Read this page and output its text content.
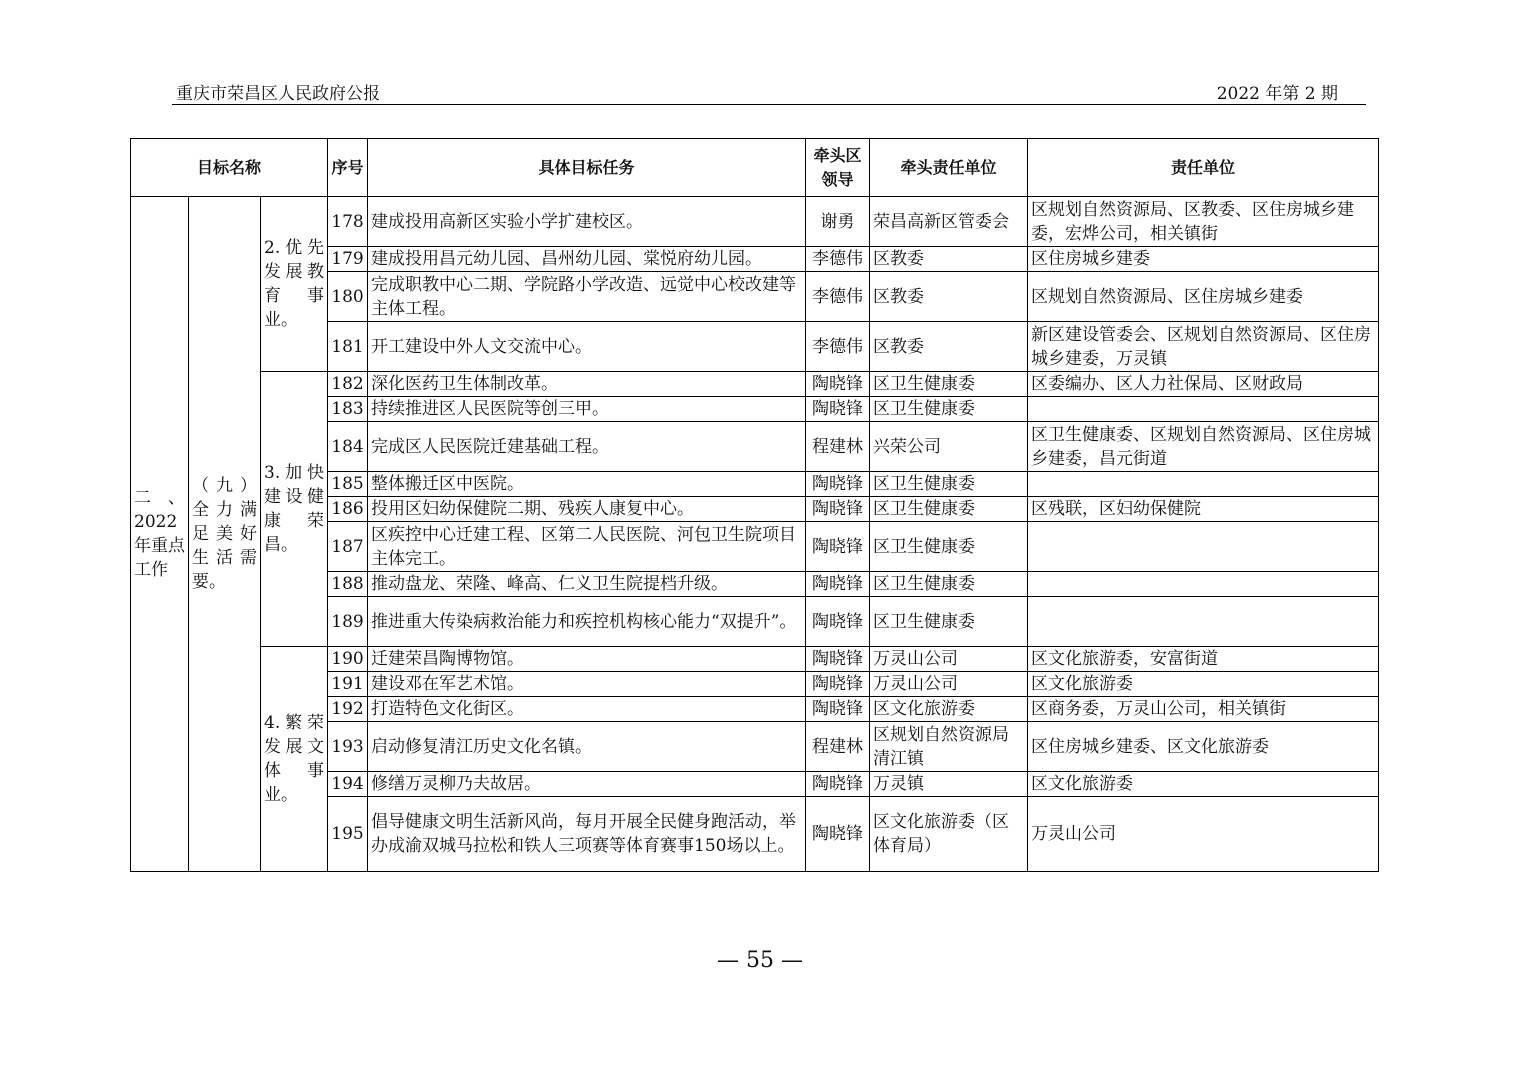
重庆市荣昌区人民政府公报	2022 年第 2 期
目标名称			序号	具体目标任务	牵头区领导	牵头责任单位	责任单位
二、2022年重点工作	（九）全力满足美好生活需要。	2.优先发展教育事业。	178	建成投用高新区实验小学扩建校区。	谢勇	荣昌高新区管委会	区规划自然资源局、区教委、区住房城乡建委，宏烨公司，相关镇街
			179	建成投用昌元幼儿园、昌州幼儿园、棠悦府幼儿园。	李德伟	区教委	区住房城乡建委
			180	完成职教中心二期、学院路小学改造、远觉中心校改建等主体工程。	李德伟	区教委	区规划自然资源局、区住房城乡建委
			181	开工建设中外人文交流中心。	李德伟	区教委	新区建设管委会、区规划自然资源局、区住房城乡建委，万灵镇
		3.加快建设健康荣昌。	182	深化医药卫生体制改革。	陶晓锋	区卫生健康委	区委编办、区人力社保局、区财政局
			183	持续推进区人民医院等创三甲。	陶晓锋	区卫生健康委	
			184	完成区人民医院迁建基础工程。	程建林	兴荣公司	区卫生健康委、区规划自然资源局、区住房城乡建委，昌元街道
			185	整体搬迁区中医院。	陶晓锋	区卫生健康委	
			186	投用区妇幼保健院二期、残疾人康复中心。	陶晓锋	区卫生健康委	区残联，区妇幼保健院
			187	区疾控中心迁建工程、区第二人民医院、河包卫生院项目主体完工。	陶晓锋	区卫生健康委	
			188	推动盘龙、荣隆、峰高、仁义卫生院提档升级。	陶晓锋	区卫生健康委	
			189	推进重大传染病救治能力和疾控机构核心能力“双提升”。	陶晓锋	区卫生健康委	
		4.繁荣发展文体事业。	190	迁建荣昌陶博物馆。	陶晓锋	万灵山公司	区文化旅游委，安富街道
			191	建设邓在军艺术馆。	陶晓锋	万灵山公司	区文化旅游委
			192	打造特色文化街区。	陶晓锋	区文化旅游委	区商务委，万灵山公司，相关镇街
			193	启动修复清江历史文化名镇。	程建林	区规划自然资源局清江镇	区住房城乡建委、区文化旅游委
			194	修缮万灵柳乃夫故居。	陶晓锋	万灵镇	区文化旅游委
			195	倡导健康文明生活新风尚，每月开展全民健身跑活动，举办成渝双城马拉松和铁人三项赛等体育赛事150场以上。	陶晓锋	区文化旅游委（区体育局）	万灵山公司
— 55 —
